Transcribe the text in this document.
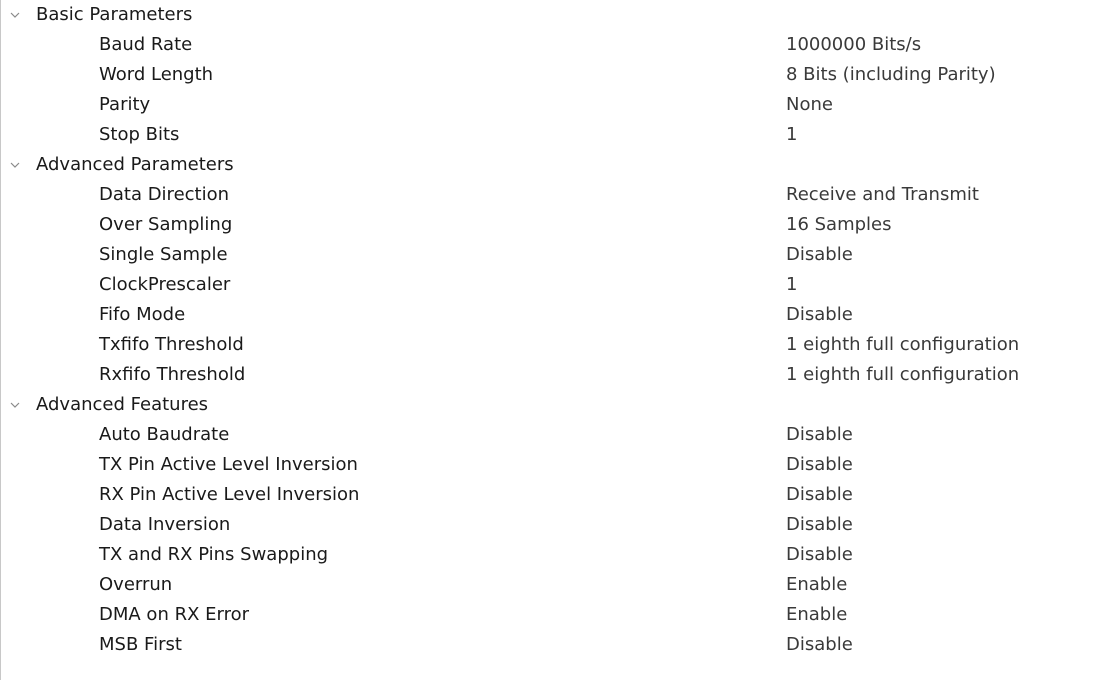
Basic Parameters
Baud Rate	1000000 Bits/s
Word Length	8 Bits (including Parity)
Parity	None
Stop Bits	1
Advanced Parameters
Data Direction	Receive and Transmit
Over Sampling	16 Samples
Single Sample	Disable
ClockPrescaler	1
Fifo Mode	Disable
Txfifo Threshold	1 eighth full configuration
Rxfifo Threshold	1 eighth full configuration
Advanced Features
Auto Baudrate	Disable
TX Pin Active Level Inversion	Disable
RX Pin Active Level Inversion	Disable
Data Inversion	Disable
TX and RX Pins Swapping	Disable
Overrun	Enable
DMA on RX Error	Enable
MSB First	Disable
